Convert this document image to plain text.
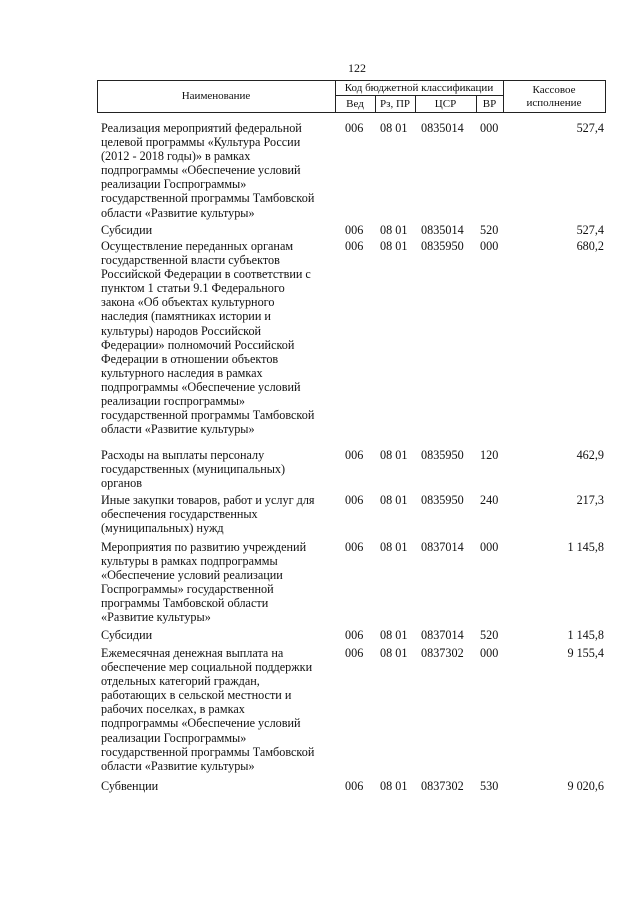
122
Наименование
Код бюджетной классификации
Вед	Рз, ПР	ЦСР	ВР
Кассовое
исполнение
Реализация мероприятий федеральной
целевой программы «Культура России
(2012 - 2018 годы)» в рамках
подпрограммы «Обеспечение условий
реализации Госпрограммы»
государственной программы Тамбовской
области «Развитие культуры»
006	08 01	0835014	000	527,4
Субсидии	006	08 01	0835014	520	527,4
Осуществление переданных органам
государственной власти субъектов
Российской Федерации в соответствии с
пунктом 1 статьи 9.1 Федерального
закона «Об объектах культурного
наследия (памятниках истории и
культуры) народов Российской
Федерации» полномочий Российской
Федерации в отношении объектов
культурного наследия в рамках
подпрограммы «Обеспечение условий
реализации госпрограммы»
государственной программы Тамбовской
области «Развитие культуры»
006	08 01	0835950	000	680,2
Расходы на выплаты персоналу
государственных (муниципальных)
органов
006	08 01	0835950	120	462,9
Иные закупки товаров, работ и услуг для
обеспечения государственных
(муниципальных) нужд
006	08 01	0835950	240	217,3
Мероприятия по развитию учреждений
культуры в рамках подпрограммы
«Обеспечение условий реализации
Госпрограммы» государственной
программы Тамбовской области
«Развитие культуры»
006	08 01	0837014	000	1 145,8
Субсидии	006	08 01	0837014	520	1 145,8
Ежемесячная денежная выплата на
обеспечение мер социальной поддержки
отдельных категорий граждан,
работающих в сельской местности и
рабочих поселках, в рамках
подпрограммы «Обеспечение условий
реализации Госпрограммы»
государственной программы Тамбовской
области «Развитие культуры»
006	08 01	0837302	000	9 155,4
Субвенции	006	08 01	0837302	530	9 020,6
